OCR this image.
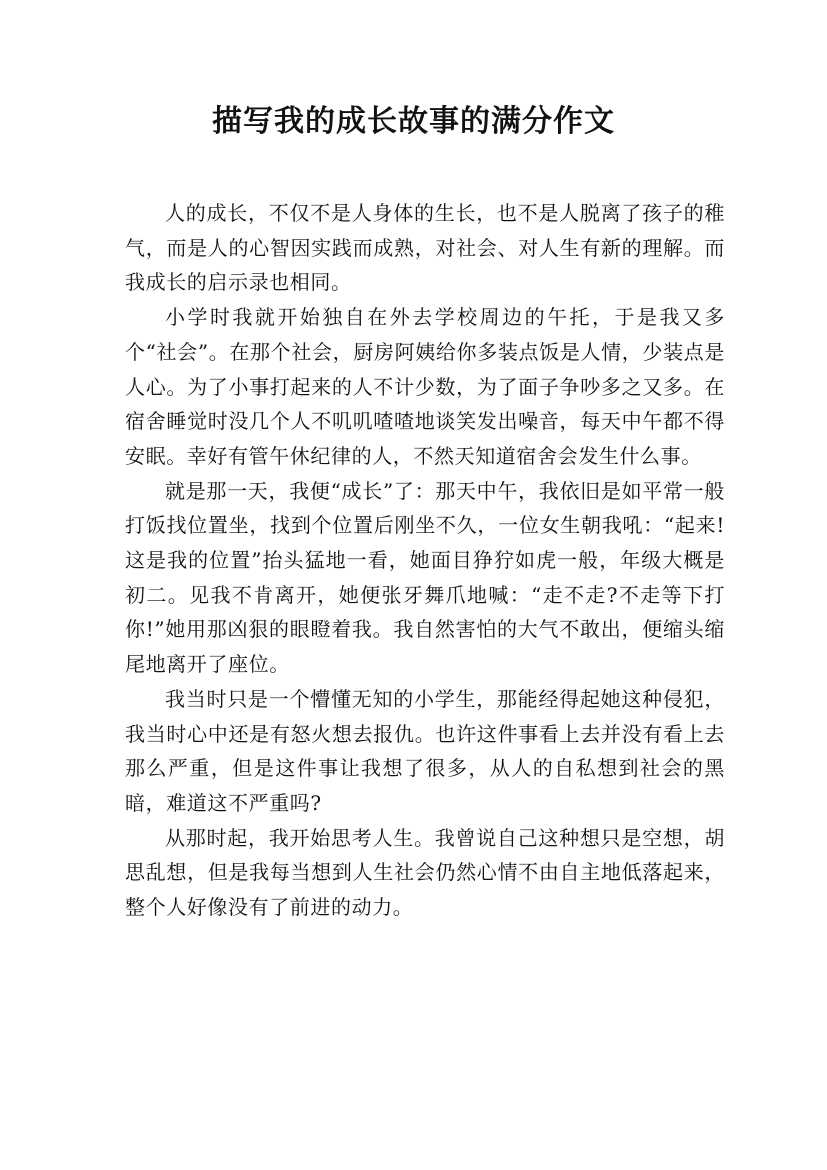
描写我的成长故事的满分作文

人的成长，不仅不是人身体的生长，也不是人脱离了孩子的稚气，而是人的心智因实践而成熟，对社会、对人生有新的理解。而我成长的启示录也相同。

小学时我就开始独自在外去学校周边的午托，于是我又多个“社会”。在那个社会，厨房阿姨给你多装点饭是人情，少装点是人心。为了小事打起来的人不计少数，为了面子争吵多之又多。在宿舍睡觉时没几个人不叽叽喳喳地谈笑发出噪音，每天中午都不得安眠。幸好有管午休纪律的人，不然天知道宿舍会发生什么事。

就是那一天，我便“成长”了：那天中午，我依旧是如平常一般打饭找位置坐，找到个位置后刚坐不久，一位女生朝我吼：“起来!这是我的位置”抬头猛地一看，她面目狰狞如虎一般，年级大概是初二。见我不肯离开，她便张牙舞爪地喊：“走不走?不走等下打你!”她用那凶狠的眼瞪着我。我自然害怕的大气不敢出，便缩头缩尾地离开了座位。

我当时只是一个懵懂无知的小学生，那能经得起她这种侵犯，我当时心中还是有怒火想去报仇。也许这件事看上去并没有看上去那么严重，但是这件事让我想了很多，从人的自私想到社会的黑暗，难道这不严重吗?

从那时起，我开始思考人生。我曾说自己这种想只是空想，胡思乱想，但是我每当想到人生社会仍然心情不由自主地低落起来，整个人好像没有了前进的动力。
